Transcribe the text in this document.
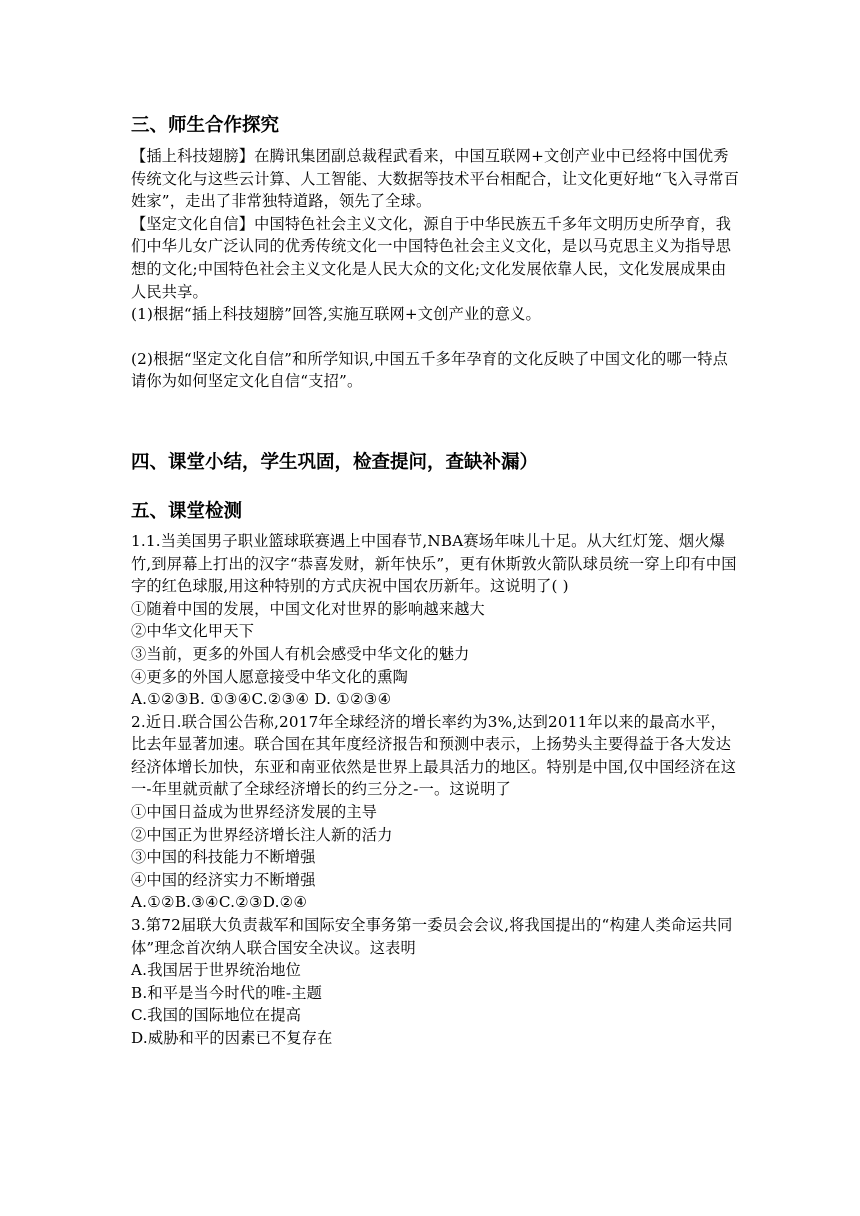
三、师生合作探究

【插上科技翅膀】在腾讯集团副总裁程武看来，中国互联网+文创产业中已经将中国优秀传统文化与这些云计算、人工智能、大数据等技术平台相配合，让文化更好地“飞入寻常百姓家”，走出了非常独特道路，领先了全球。

【坚定文化自信】中国特色社会主义文化，源自于中华民族五千多年文明历史所孕育，我们中华儿女广泛认同的优秀传统文化一中国特色社会主义文化，是以马克思主义为指导思想的文化;中国特色社会主义文化是人民大众的文化;文化发展依靠人民，文化发展成果由人民共享。

(1)根据“插上科技翅膀”回答,实施互联网+文创产业的意义。

(2)根据“坚定文化自信”和所学知识,中国五千多年孕育的文化反映了中国文化的哪一特点请你为如何坚定文化自信“支招”。

四、课堂小结，学生巩固，检查提问，查缺补漏）
五、课堂检测

1.1.当美国男子职业篮球联赛遇上中国春节,NBA赛场年味儿十足。从大红灯笼、烟火爆竹,到屏幕上打出的汉字“恭喜发财，新年快乐”，更有休斯敦火箭队球员统一穿上印有中国字的红色球服,用这种特别的方式庆祝中国农历新年。这说明了( )

①随着中国的发展，中国文化对世界的影响越来越大

②中华文化甲天下

③当前，更多的外国人有机会感受中华文化的魅力

④更多的外国人愿意接受中华文化的熏陶

A.①②③B. ①③④C.②③④ D. ①②③④

2.近日.联合国公告称,2017年全球经济的增长率约为3%,达到2011年以来的最高水平，比去年显著加速。联合国在其年度经济报告和预测中表示，上扬势头主要得益于各大发达经济体增长加快，东亚和南亚依然是世界上最具活力的地区。特别是中国,仅中国经济在这一-年里就贡献了全球经济增长的约三分之-一。这说明了

①中国日益成为世界经济发展的主导

②中国正为世界经济增长注人新的活力

③中国的科技能力不断增强

④中国的经济实力不断增强

A.①②B.③④C.②③D.②④

3.第72届联大负责裁军和国际安全事务第一委员会会议,将我国提出的“构建人类命运共同体”理念首次纳人联合国安全决议。这表明

A.我国居于世界统治地位

B.和平是当今时代的唯-主题

C.我国的国际地位在提高

D.威胁和平的因素已不复存在
